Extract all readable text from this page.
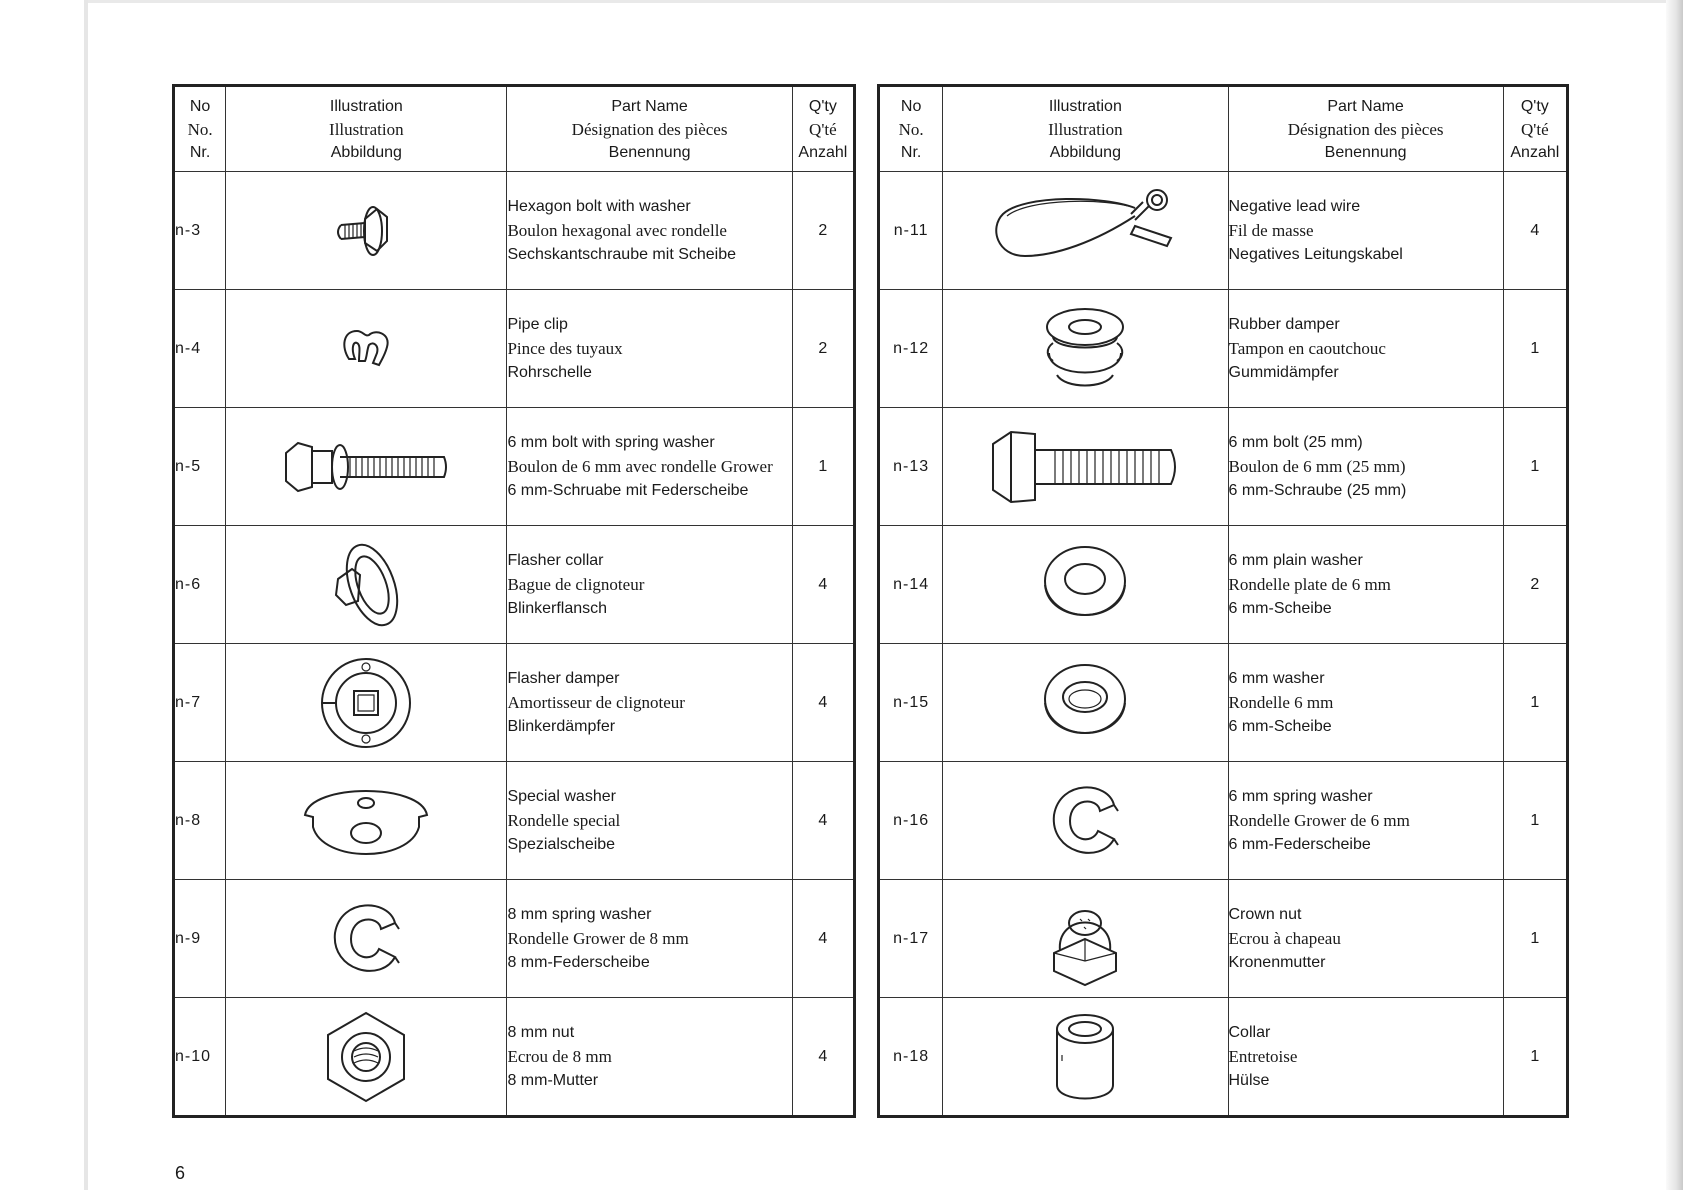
No
No.
Nr.	Illustration
Illustration
Abbildung	Part Name
Désignation des pièces
Benennung	Q'ty
Q'té
Anzahl

n-3		Hexagon bolt with washer
Boulon hexagonal avec rondelle
Sechskantschraube mit Scheibe	2
n-4		Pipe clip
Pince des tuyaux
Rohrschelle	2
n-5		6 mm bolt with spring washer
Boulon de 6 mm avec rondelle Grower
6 mm-Schruabe mit Federscheibe	1
n-6		Flasher collar
Bague de clignoteur
Blinkerflansch	4
n-7		Flasher damper
Amortisseur de clignoteur
Blinkerdämpfer	4
n-8		Special washer
Rondelle special
Spezialscheibe	4
n-9		8 mm spring washer
Rondelle Grower de 8 mm
8 mm-Federscheibe	4
n-10		8 mm nut
Ecrou de 8 mm
8 mm-Mutter	4
No
No.
Nr.	Illustration
Illustration
Abbildung	Part Name
Désignation des pièces
Benennung	Q'ty
Q'té
Anzahl

n-11		Negative lead wire
Fil de masse
Negatives Leitungskabel	4
n-12		Rubber damper
Tampon en caoutchouc
Gummidämpfer	1
n-13		6 mm bolt (25 mm)
Boulon de 6 mm (25 mm)
6 mm-Schraube (25 mm)	1
n-14		6 mm plain washer
Rondelle plate de 6 mm
6 mm-Scheibe	2
n-15		6 mm washer
Rondelle 6 mm
6 mm-Scheibe	1
n-16		6 mm spring washer
Rondelle Grower de 6 mm
6 mm-Federscheibe	1
n-17		Crown nut
Ecrou à chapeau
Kronenmutter	1
n-18		Collar
Entretoise
Hülse	1
6
